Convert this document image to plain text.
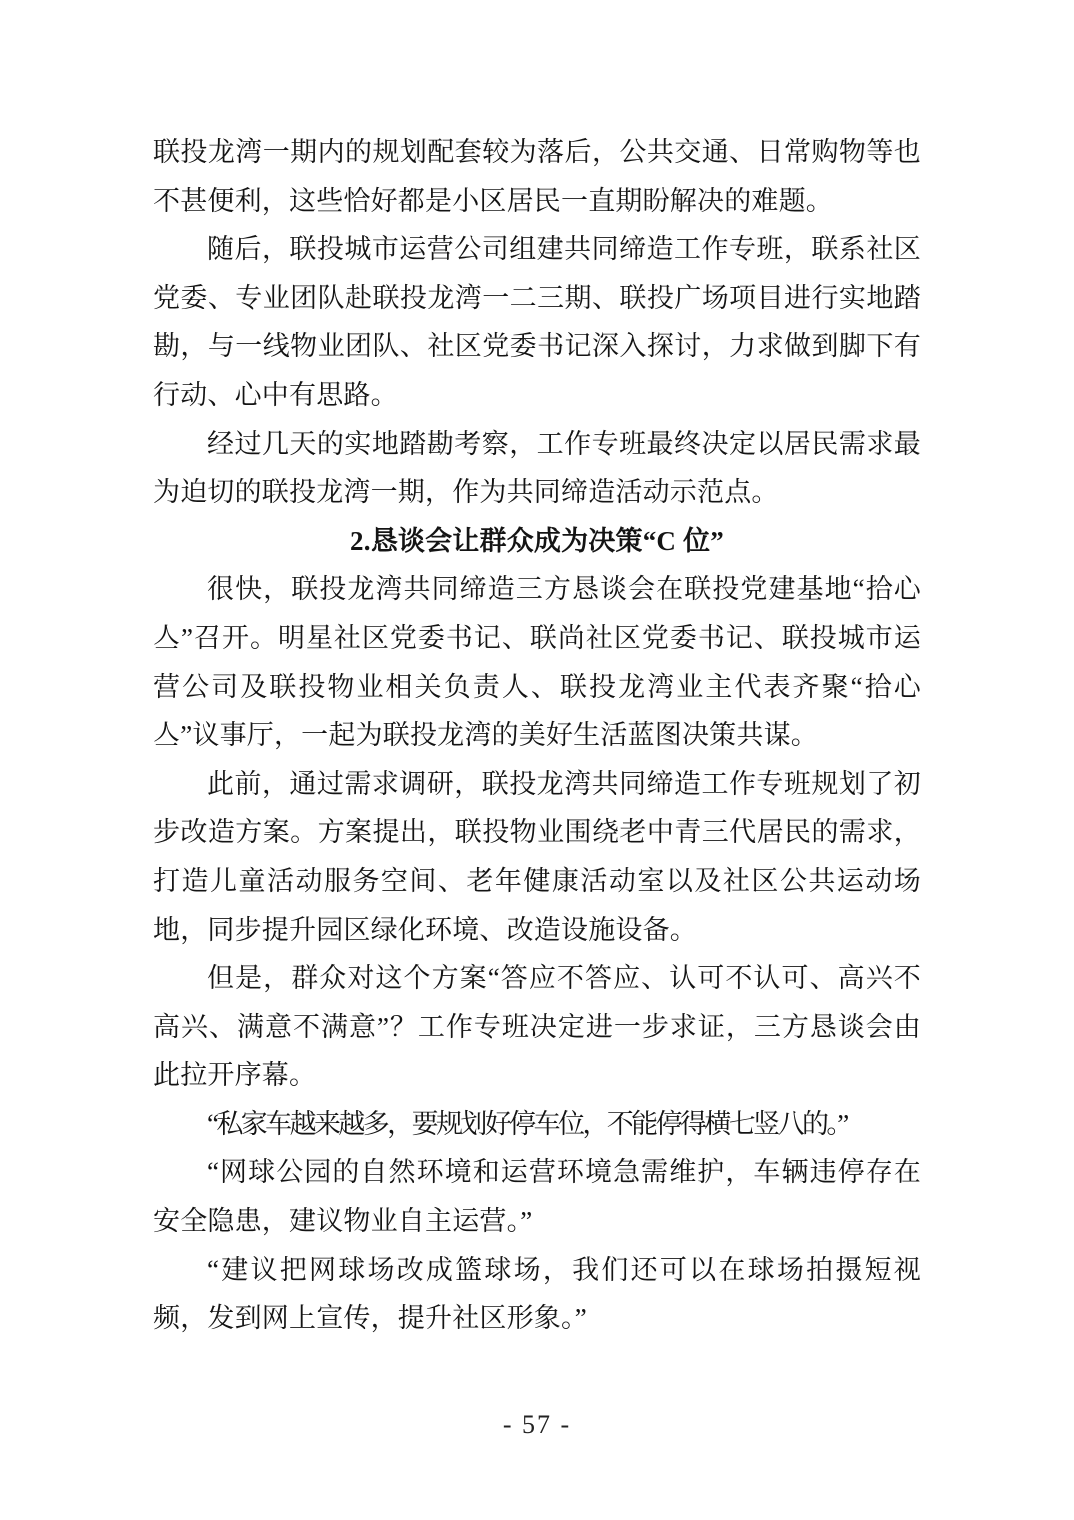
联投龙湾一期内的规划配套较为落后，公共交通、日常购物等也不甚便利，这些恰好都是小区居民一直期盼解决的难题。

随后，联投城市运营公司组建共同缔造工作专班，联系社区党委、专业团队赴联投龙湾一二三期、联投广场项目进行实地踏勘，与一线物业团队、社区党委书记深入探讨，力求做到脚下有行动、心中有思路。

经过几天的实地踏勘考察，工作专班最终决定以居民需求最为迫切的联投龙湾一期，作为共同缔造活动示范点。

2.恳谈会让群众成为决策“C 位”

很快，联投龙湾共同缔造三方恳谈会在联投党建基地“拾心亼”召开。明星社区党委书记、联尚社区党委书记、联投城市运营公司及联投物业相关负责人、联投龙湾业主代表齐聚“拾心亼”议事厅，一起为联投龙湾的美好生活蓝图决策共谋。

此前，通过需求调研，联投龙湾共同缔造工作专班规划了初步改造方案。方案提出，联投物业围绕老中青三代居民的需求，打造儿童活动服务空间、老年健康活动室以及社区公共运动场地，同步提升园区绿化环境、改造设施设备。

但是，群众对这个方案“答应不答应、认可不认可、高兴不高兴、满意不满意”？工作专班决定进一步求证，三方恳谈会由此拉开序幕。

“私家车越来越多，要规划好停车位，不能停得横七竖八的。”

“网球公园的自然环境和运营环境急需维护，车辆违停存在安全隐患，建议物业自主运营。”

“建议把网球场改成篮球场，我们还可以在球场拍摄短视频，发到网上宣传，提升社区形象。”

- 57 -
